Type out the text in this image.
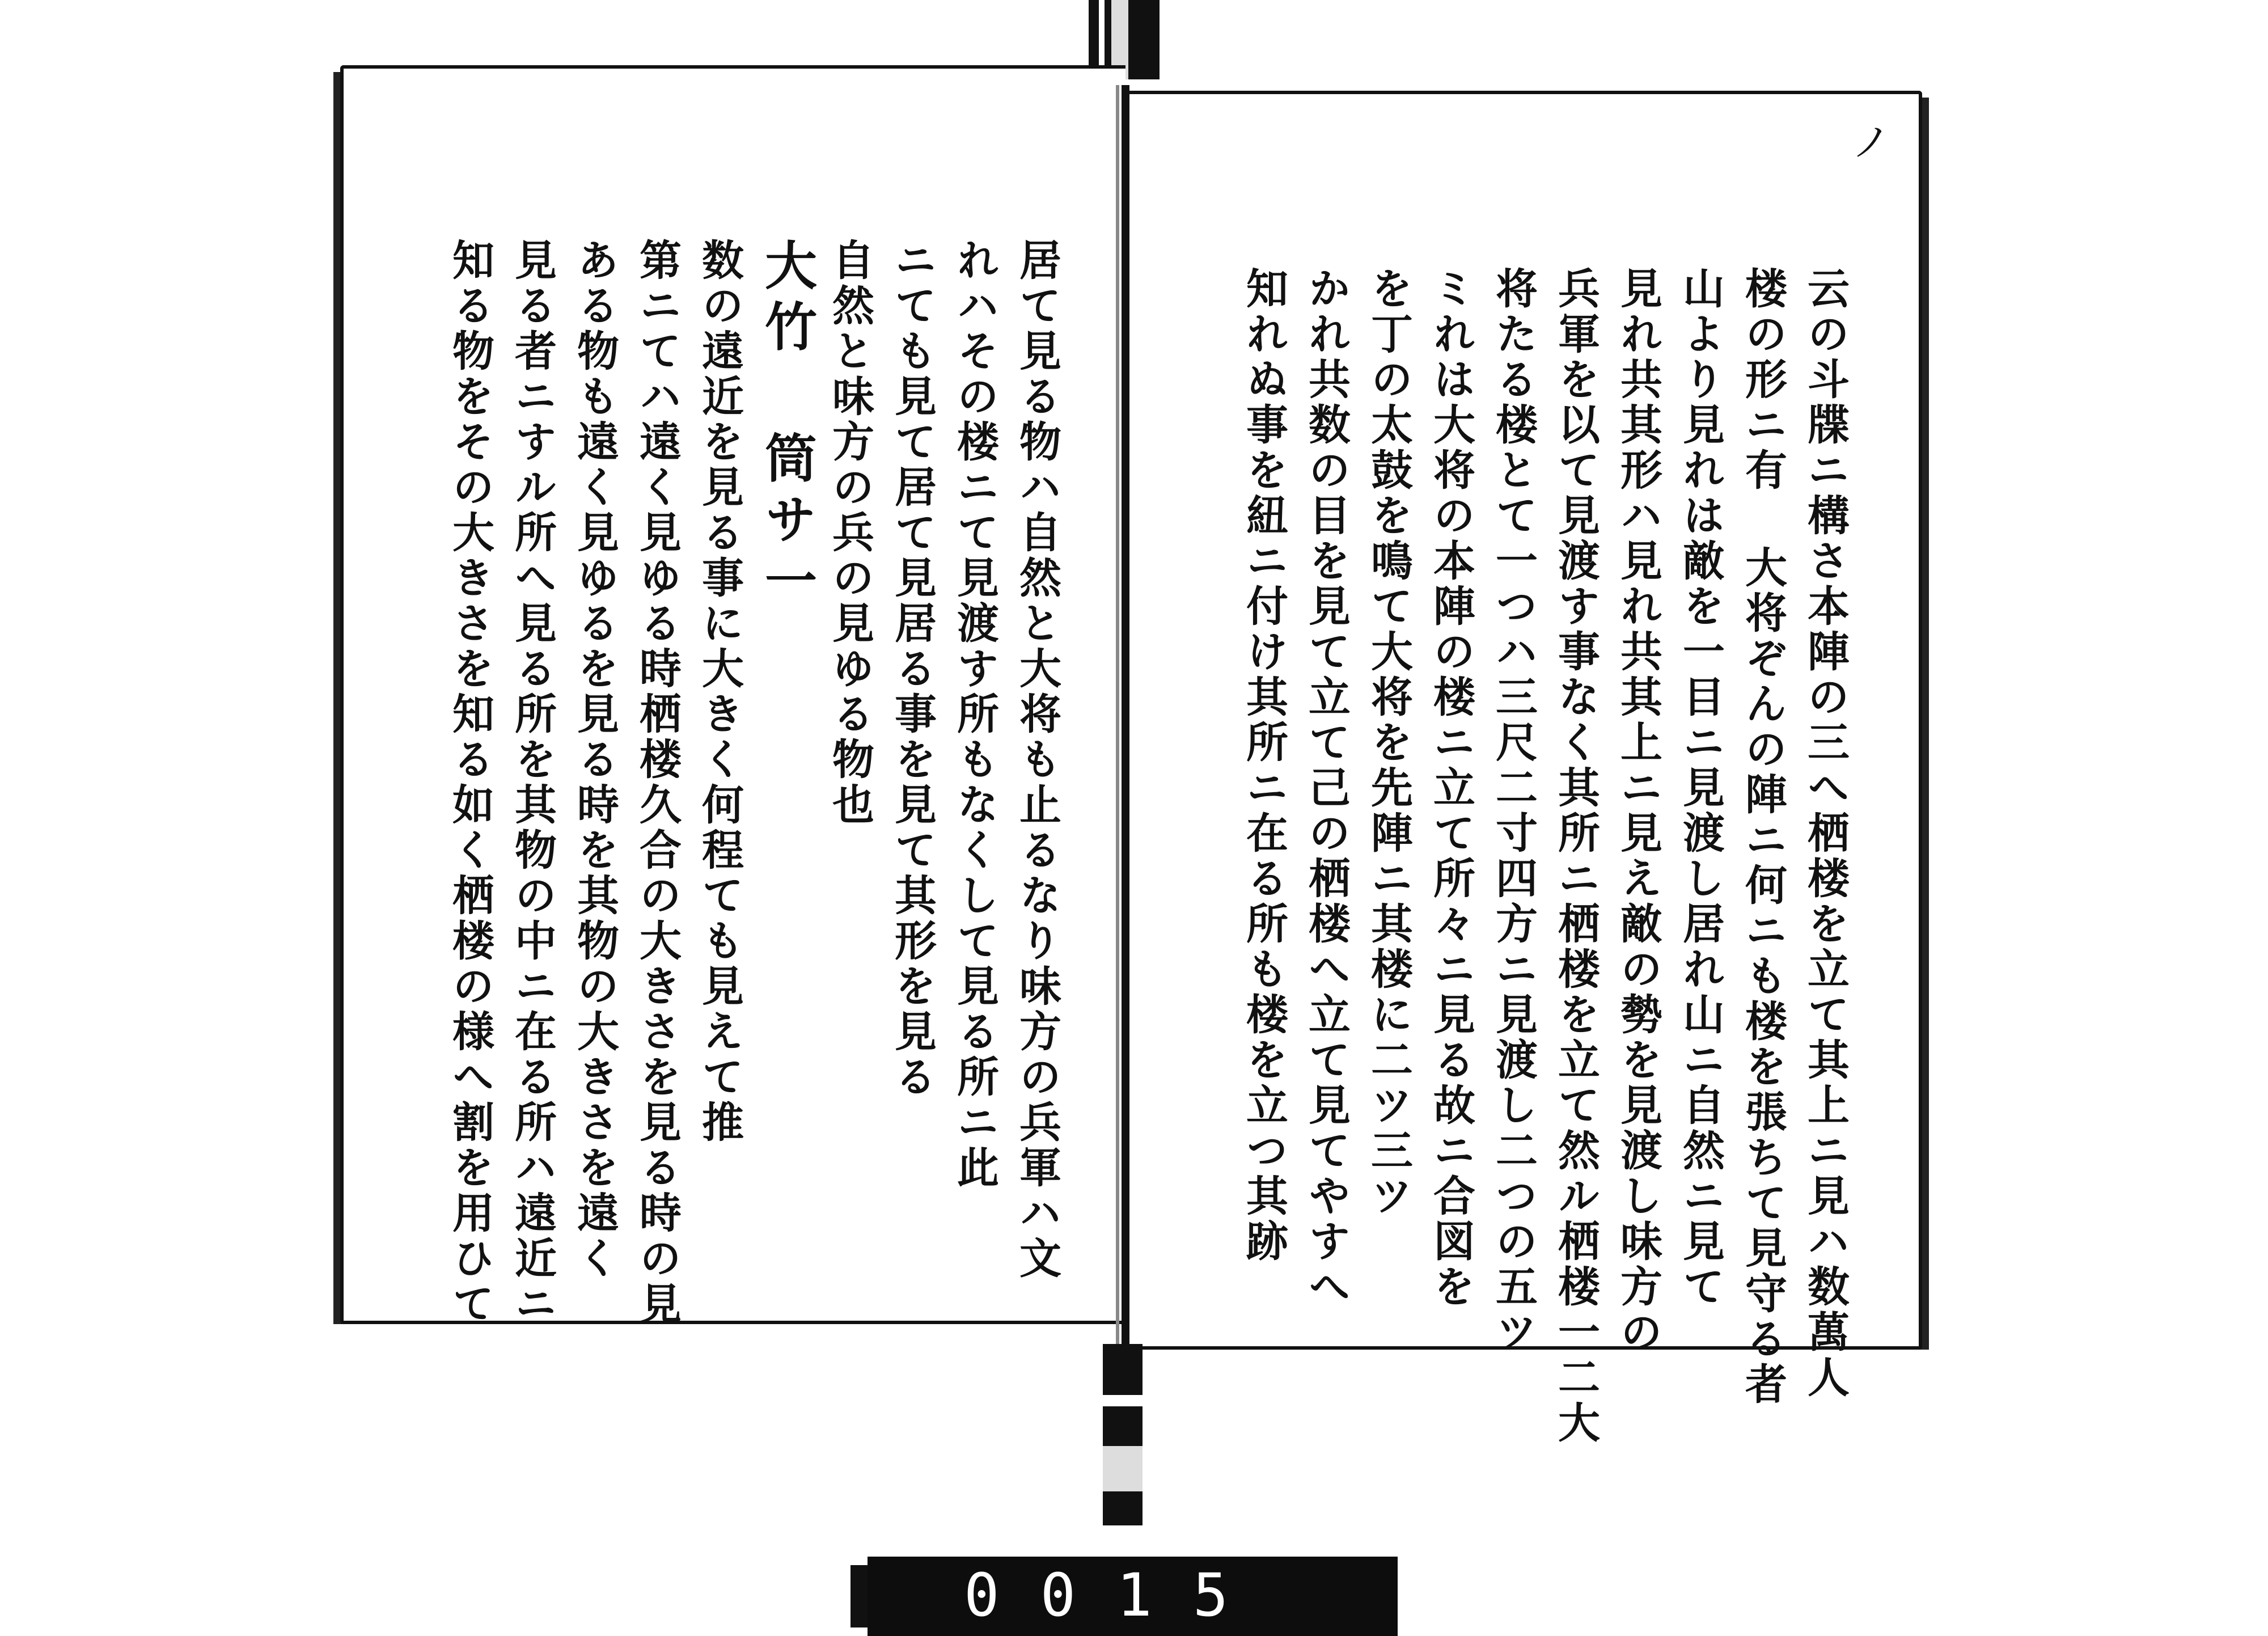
ノ
云の斗牒ニ構さ本陣の三へ栖楼を立て其上ニ見ハ数萬人
楼の形ニ有 大将ぞんの陣ニ何ニも楼を張ちて見守る者
山より見れは敵を一目ニ見渡し居れ山ニ自然ニ見て
見れ共其形ハ見れ共其上ニ見え敵の勢を見渡し味方の
兵軍を以て見渡す事なく其所ニ栖楼を立て然ル栖楼一二大
将たる楼とて一つハ三尺二寸四方ニ見渡し二つの五ツ
ミれは大将の本陣の楼ニ立て所々ニ見る故ニ合図を
を丁の太鼓を鳴て大将を先陣ニ其楼に二ツ三ツ
かれ共数の目を見て立て己の栖楼へ立て見てやすへ
知れぬ事を紐ニ付け其所ニ在る所も楼を立つ其跡
居て見る物ハ自然と大将も止るなり味方の兵軍ハ文
れハその楼ニて見渡す所もなくして見る所ニ此
ニても見て居て見居る事を見て其形を見る
自然と味方の兵の見ゆる物也
大竹 筒サ一
数の遠近を見る事に大きく何程ても見えて推
第ニてハ遠く見ゆる時栖楼久合の大きさを見る時の見
ある物も遠く見ゆるを見る時を其物の大きさを遠く
見る者ニすル所へ見る所を其物の中ニ在る所ハ遠近ニ
知る物をその大きさを知る如く栖楼の様へ割を用ひて
0015
